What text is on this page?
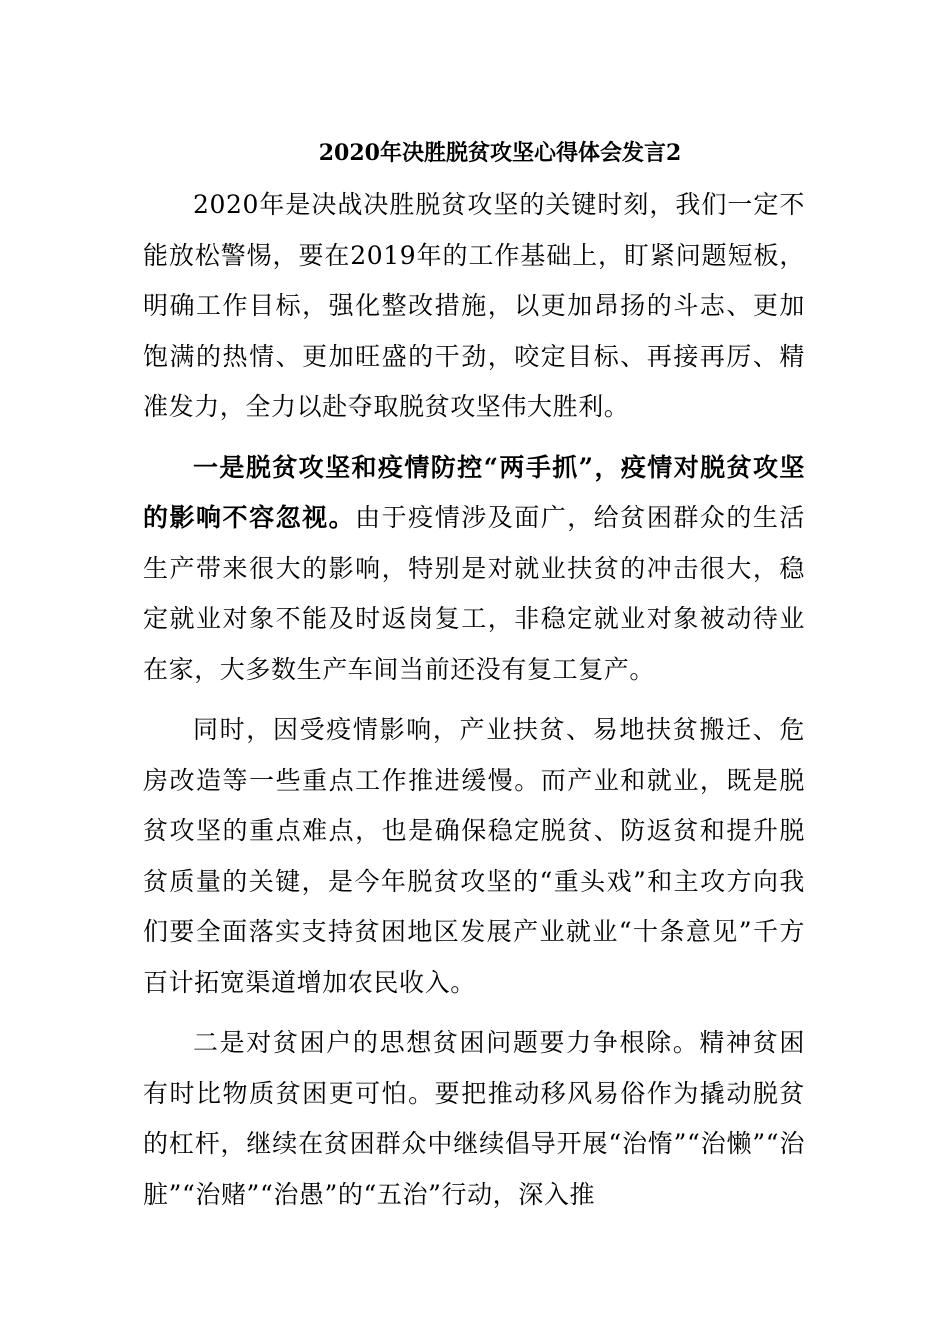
2020年决胜脱贫攻坚心得体会发言2

2020年是决战决胜脱贫攻坚的关键时刻，我们一定不能放松警惕，要在2019年的工作基础上，盯紧问题短板，明确工作目标，强化整改措施，以更加昂扬的斗志、更加饱满的热情、更加旺盛的干劲，咬定目标、再接再厉、精准发力，全力以赴夺取脱贫攻坚伟大胜利。

一是脱贫攻坚和疫情防控“两手抓”，疫情对脱贫攻坚的影响不容忽视。由于疫情涉及面广，给贫困群众的生活生产带来很大的影响，特别是对就业扶贫的冲击很大，稳定就业对象不能及时返岗复工，非稳定就业对象被动待业在家，大多数生产车间当前还没有复工复产。

同时，因受疫情影响，产业扶贫、易地扶贫搬迁、危房改造等一些重点工作推进缓慢。而产业和就业，既是脱贫攻坚的重点难点，也是确保稳定脱贫、防返贫和提升脱贫质量的关键，是今年脱贫攻坚的“重头戏”和主攻方向我们要全面落实支持贫困地区发展产业就业“十条意见”千方百计拓宽渠道增加农民收入。

二是对贫困户的思想贫困问题要力争根除。精神贫困有时比物质贫困更可怕。要把推动移风易俗作为撬动脱贫的杠杆，继续在贫困群众中继续倡导开展“治惰”“治懒”“治脏”“治赌”“治愚”的“五治”行动，深入推
